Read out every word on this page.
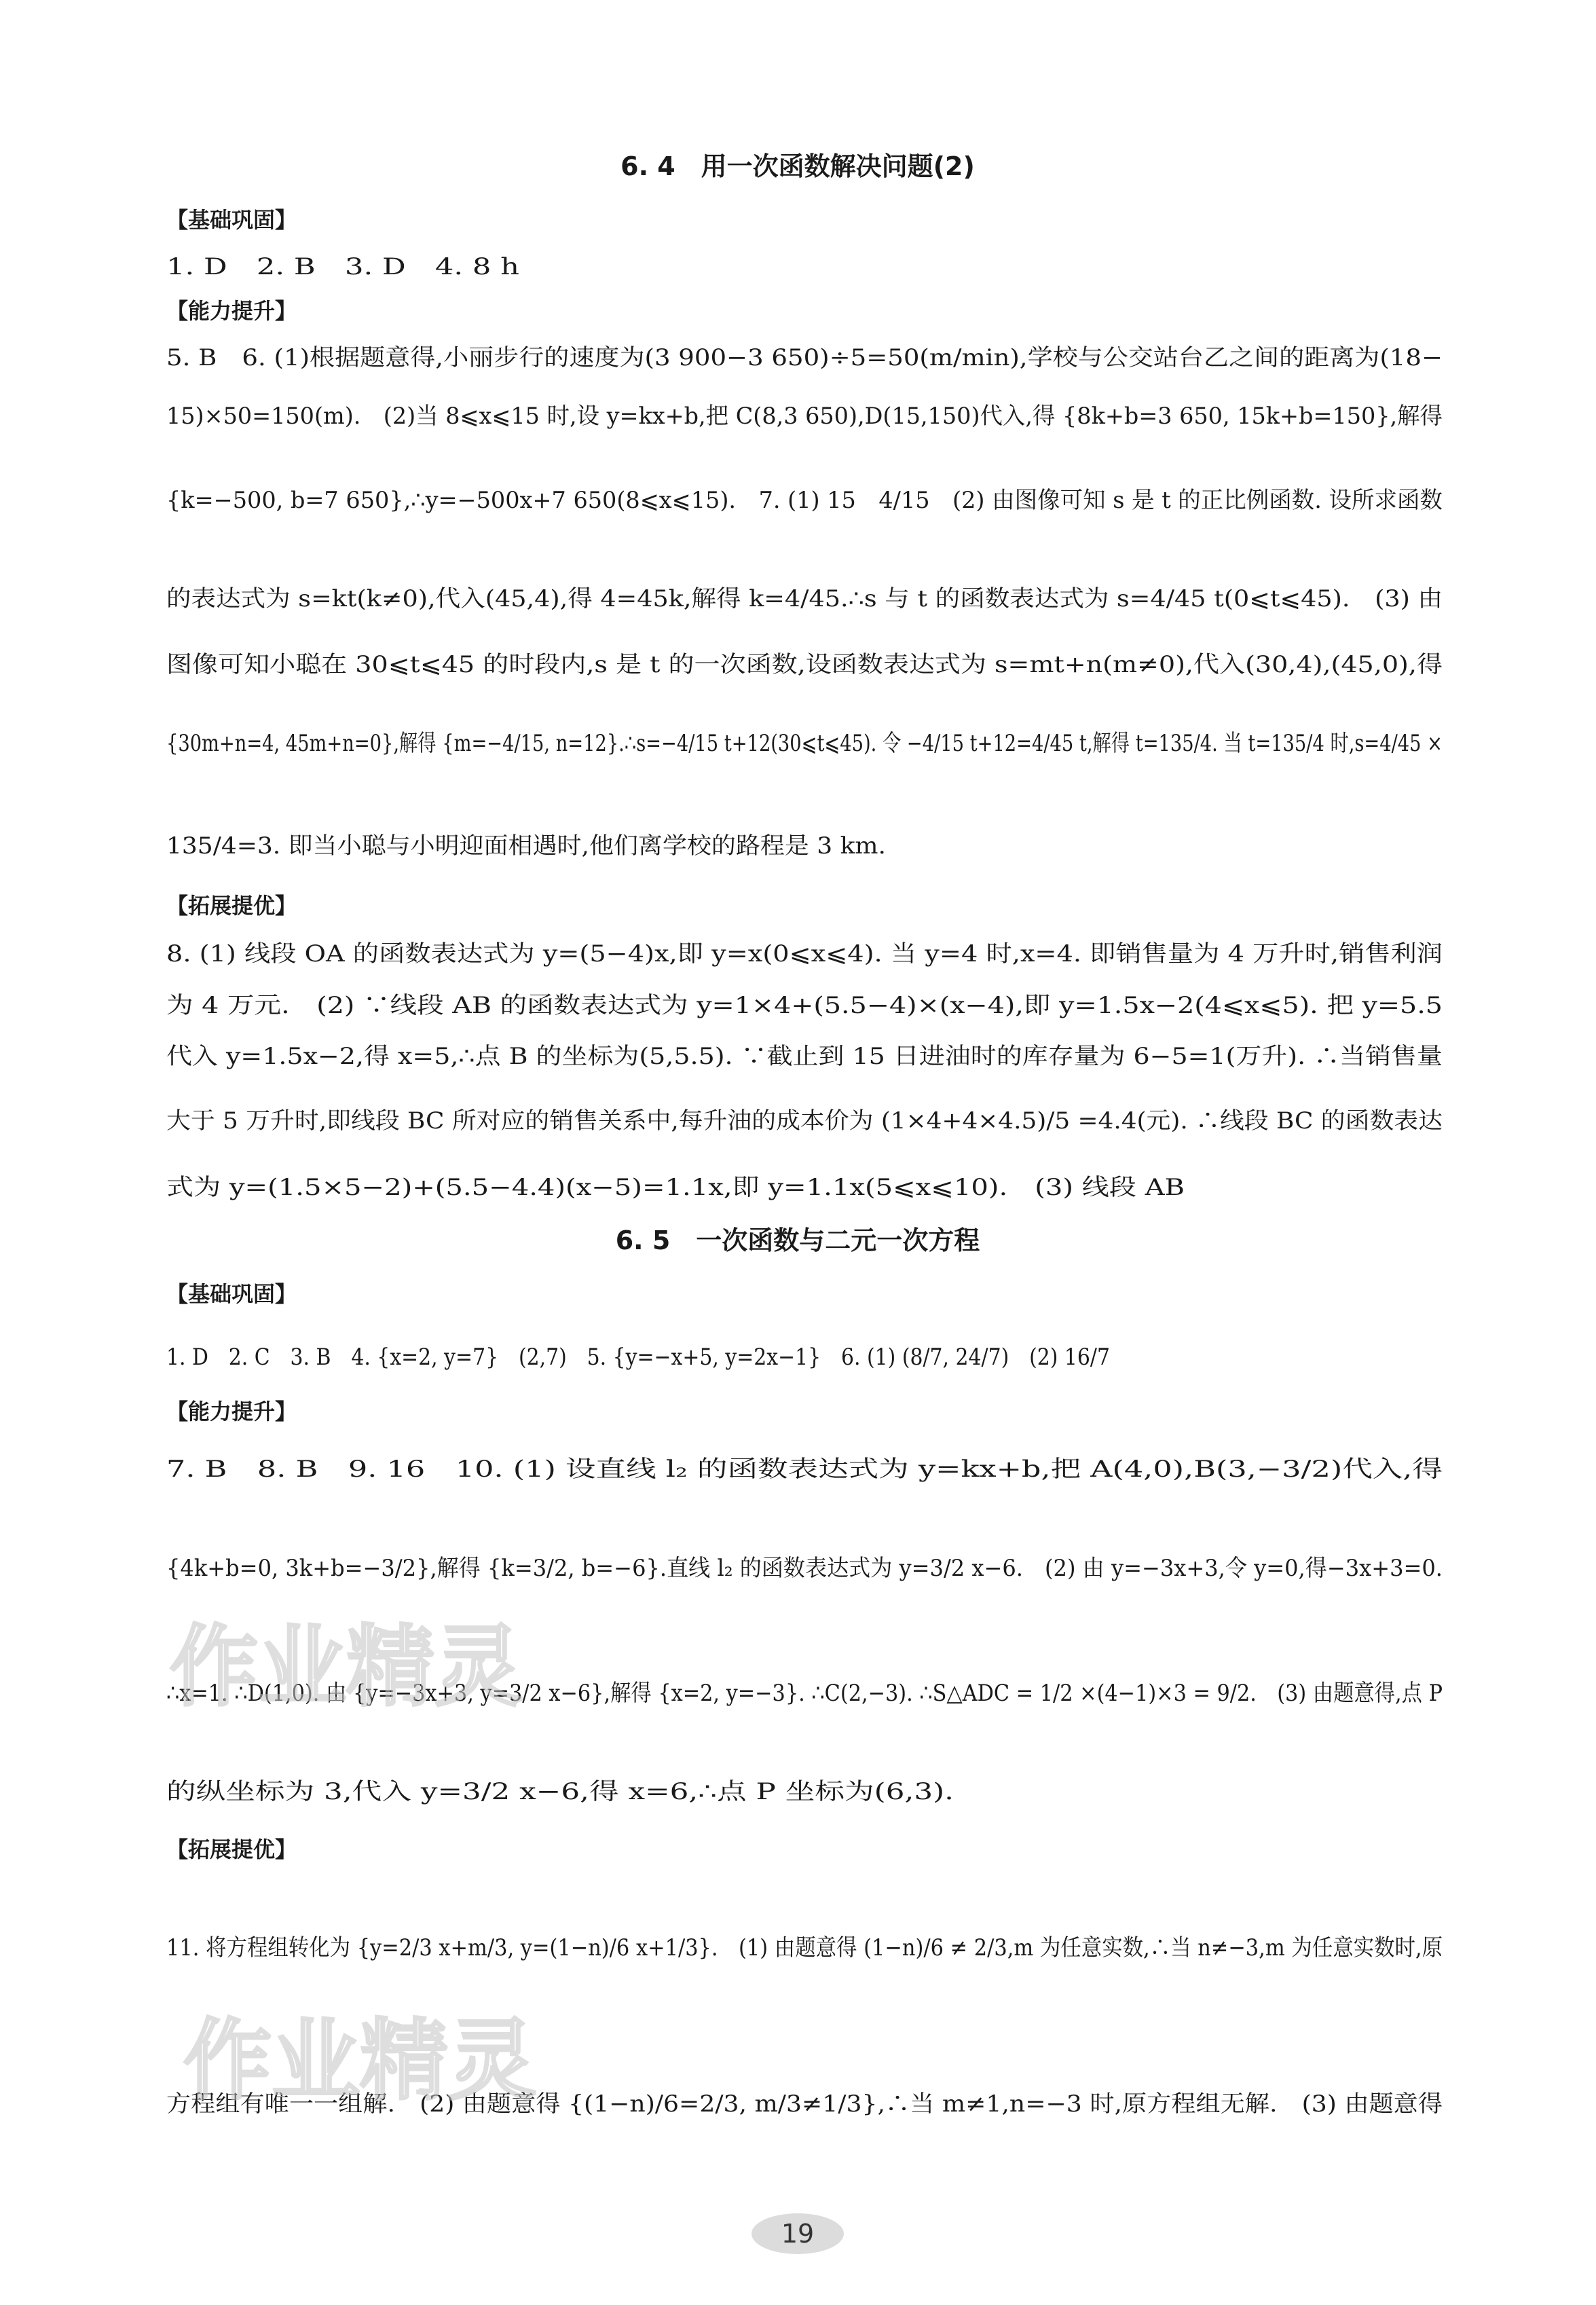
6. 4　用一次函数解决问题(2)
【基础巩固】
1. D　2. B　3. D　4. 8 h
【能力提升】
5. B　6. (1)根据题意得,小丽步行的速度为(3 900−3 650)÷5=50(m/min),学校与公交站台乙之间的距离为(18−
15)×50=150(m).　(2)当 8⩽x⩽15 时,设 y=kx+b,把 C(8,3 650),D(15,150)代入,得 {8k+b=3 650, 15k+b=150},解得
{k=−500, b=7 650},∴y=−500x+7 650(8⩽x⩽15).　7. (1) 15　4/15　(2) 由图像可知 s 是 t 的正比例函数. 设所求函数
的表达式为 s=kt(k≠0),代入(45,4),得 4=45k,解得 k=4/45.∴s 与 t 的函数表达式为 s=4/45 t(0⩽t⩽45).　(3) 由
图像可知小聪在 30⩽t⩽45 的时段内,s 是 t 的一次函数,设函数表达式为 s=mt+n(m≠0),代入(30,4),(45,0),得
{30m+n=4, 45m+n=0},解得 {m=−4/15, n=12}.∴s=−4/15 t+12(30⩽t⩽45). 令 −4/15 t+12=4/45 t,解得 t=135/4. 当 t=135/4 时,s=4/45 ×
135/4=3. 即当小聪与小明迎面相遇时,他们离学校的路程是 3 km.
【拓展提优】
8. (1) 线段 OA 的函数表达式为 y=(5−4)x,即 y=x(0⩽x⩽4). 当 y=4 时,x=4. 即销售量为 4 万升时,销售利润
为 4 万元.　(2) ∵线段 AB 的函数表达式为 y=1×4+(5.5−4)×(x−4),即 y=1.5x−2(4⩽x⩽5). 把 y=5.5
代入 y=1.5x−2,得 x=5,∴点 B 的坐标为(5,5.5). ∵截止到 15 日进油时的库存量为 6−5=1(万升). ∴当销售量
大于 5 万升时,即线段 BC 所对应的销售关系中,每升油的成本价为 (1×4+4×4.5)/5 =4.4(元). ∴线段 BC 的函数表达
式为 y=(1.5×5−2)+(5.5−4.4)(x−5)=1.1x,即 y=1.1x(5⩽x⩽10).　(3) 线段 AB
6. 5　一次函数与二元一次方程
【基础巩固】
1. D　2. C　3. B　4. {x=2, y=7}　(2,7)　5. {y=−x+5, y=2x−1}　6. (1) (8/7, 24/7)　(2) 16/7
【能力提升】
7. B　8. B　9. 16　10. (1) 设直线 l₂ 的函数表达式为 y=kx+b,把 A(4,0),B(3,−3/2)代入,得
{4k+b=0, 3k+b=−3/2},解得 {k=3/2, b=−6}.直线 l₂ 的函数表达式为 y=3/2 x−6.　(2) 由 y=−3x+3,令 y=0,得−3x+3=0.
∴x=1. ∴D(1,0). 由 {y=−3x+3, y=3/2 x−6},解得 {x=2, y=−3}. ∴C(2,−3). ∴S△ADC = 1/2 ×(4−1)×3 = 9/2.　(3) 由题意得,点 P
的纵坐标为 3,代入 y=3/2 x−6,得 x=6,∴点 P 坐标为(6,3).
【拓展提优】
11. 将方程组转化为 {y=2/3 x+m/3, y=(1−n)/6 x+1/3}.　(1) 由题意得 (1−n)/6 ≠ 2/3,m 为任意实数,∴当 n≠−3,m 为任意实数时,原
方程组有唯一一组解.　(2) 由题意得 {(1−n)/6=2/3, m/3≠1/3},∴当 m≠1,n=−3 时,原方程组无解.　(3) 由题意得
作业精灵
作业精灵
19
